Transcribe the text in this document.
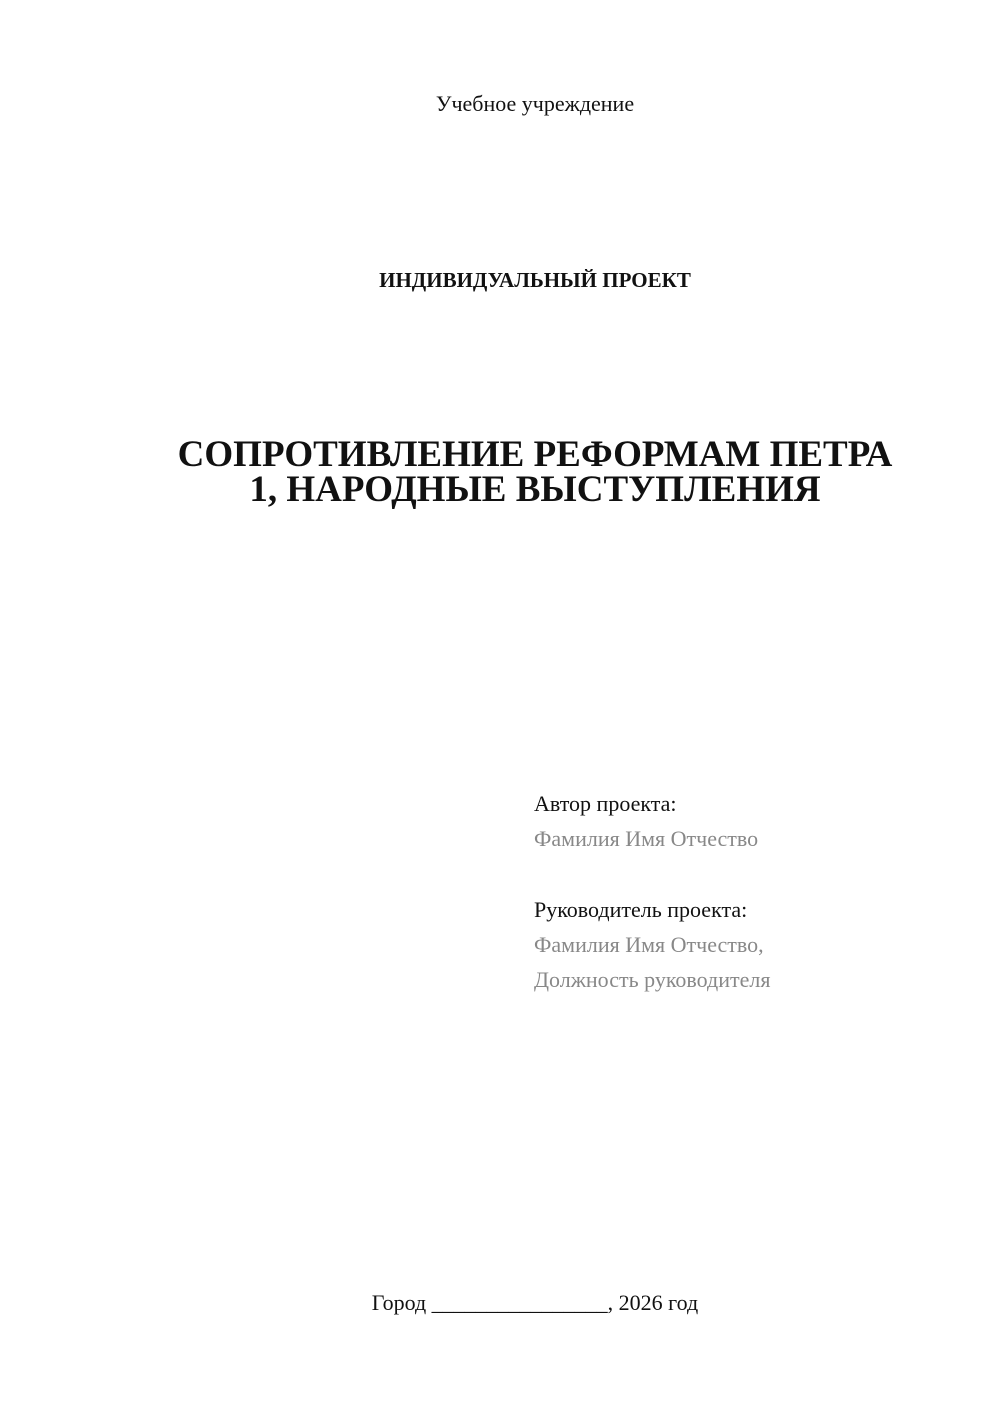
Учебное учреждение
ИНДИВИДУАЛЬНЫЙ ПРОЕКТ
СОПРОТИВЛЕНИЕ РЕФОРМАМ ПЕТРА
1, НАРОДНЫЕ ВЫСТУПЛЕНИЯ
Автор проекта:
Фамилия Имя Отчество
Руководитель проекта:
Фамилия Имя Отчество,
Должность руководителя
Город ________________, 2026 год
